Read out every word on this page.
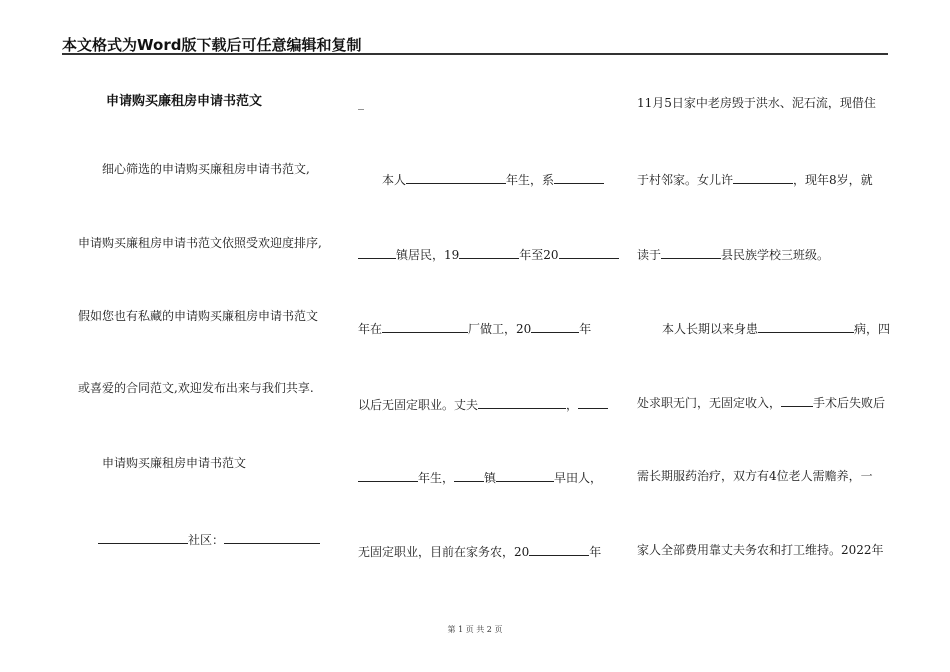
本文格式为Word版下载后可任意编辑和复制
申请购买廉租房申请书范文
细心筛选的申请购买廉租房申请书范文,
申请购买廉租房申请书范文依照受欢迎度排序,
假如您也有私藏的申请购买廉租房申请书范文
或喜爱的合同范文,欢迎发布出来与我们共享.
申请购买廉租房申请书范文
社区：
_
本人	年生，系
镇居民，19	年至20
年在	厂做工，20	年
以后无固定职业。丈夫	，
年生，	镇	早田人，
无固定职业，目前在家务农，20	年
11月5日家中老房毁于洪水、泥石流，现借住
于村邻家。女儿许	，现年8岁，就
读于	县民族学校三班级。
本人长期以来身患	病，四
处求职无门，无固定收入，	手术后失败后
需长期服药治疗，双方有4位老人需赡养，一
家人全部费用靠丈夫务农和打工维持。2022年
第 1 页 共 2 页
